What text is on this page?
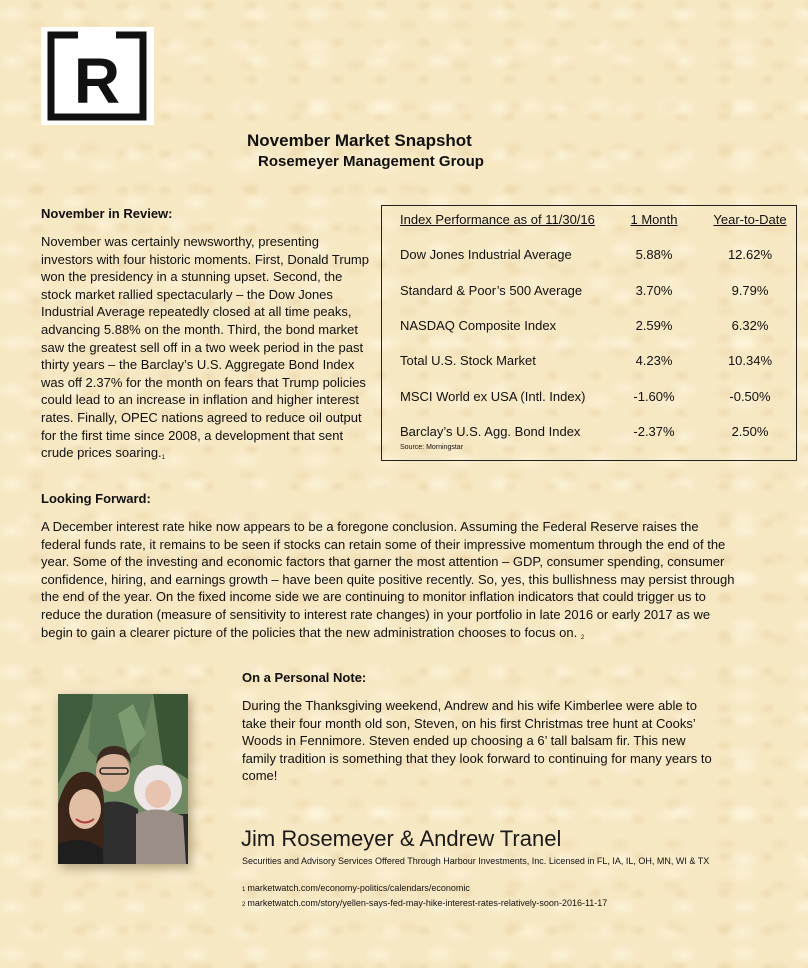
R
November Market Snapshot
Rosemeyer Management Group
November in Review:
November was certainly newsworthy, presenting investors with four historic moments. First, Donald Trump won the presidency in a stunning upset. Second, the stock market rallied spectacularly – the Dow Jones Industrial Average repeatedly closed at all time peaks, advancing 5.88% on the month. Third, the bond market saw the greatest sell off in a two week period in the past thirty years – the Barclay’s U.S. Aggregate Bond Index was off 2.37% for the month on fears that Trump policies could lead to an increase in inflation and higher interest rates. Finally, OPEC nations agreed to reduce oil output for the first time since 2008, a development that sent crude prices soaring.$^1$
Index Performance as of 11/30/16	1 Month	Year-to-Date
Dow Jones Industrial Average	5.88%	12.62%
Standard & Poor’s 500 Average	3.70%	9.79%
NASDAQ Composite Index	2.59%	6.32%
Total U.S. Stock Market	4.23%	10.34%
MSCI World ex USA (Intl. Index)	-1.60%	-0.50%
Barclay’s U.S. Agg. Bond Index	-2.37%	2.50%
Source: Morningstar
Looking Forward:
A December interest rate hike now appears to be a foregone conclusion. Assuming the Federal Reserve raises the federal funds rate, it remains to be seen if stocks can retain some of their impressive momentum through the end of the year. Some of the investing and economic factors that garner the most attention – GDP, consumer spending, consumer confidence, hiring, and earnings growth – have been quite positive recently. So, yes, this bullishness may persist through the end of the year. On the fixed income side we are continuing to monitor inflation indicators that could trigger us to reduce the duration (measure of sensitivity to interest rate changes) in your portfolio in late 2016 or early 2017 as we begin to gain a clearer picture of the policies that the new administration chooses to focus on. $^2$
On a Personal Note:
During the Thanksgiving weekend, Andrew and his wife Kimberlee were able to take their four month old son, Steven, on his first Christmas tree hunt at Cooks’ Woods in Fennimore. Steven ended up choosing a 6’ tall balsam fir. This new family tradition is something that they look forward to continuing for many years to come!
Jim Rosemeyer & Andrew Tranel
Securities and Advisory Services Offered Through Harbour Investments, Inc. Licensed in FL, IA, IL, OH, MN, WI & TX
1 marketwatch.com/economy-politics/calendars/economic
2 marketwatch.com/story/yellen-says-fed-may-hike-interest-rates-relatively-soon-2016-11-17
